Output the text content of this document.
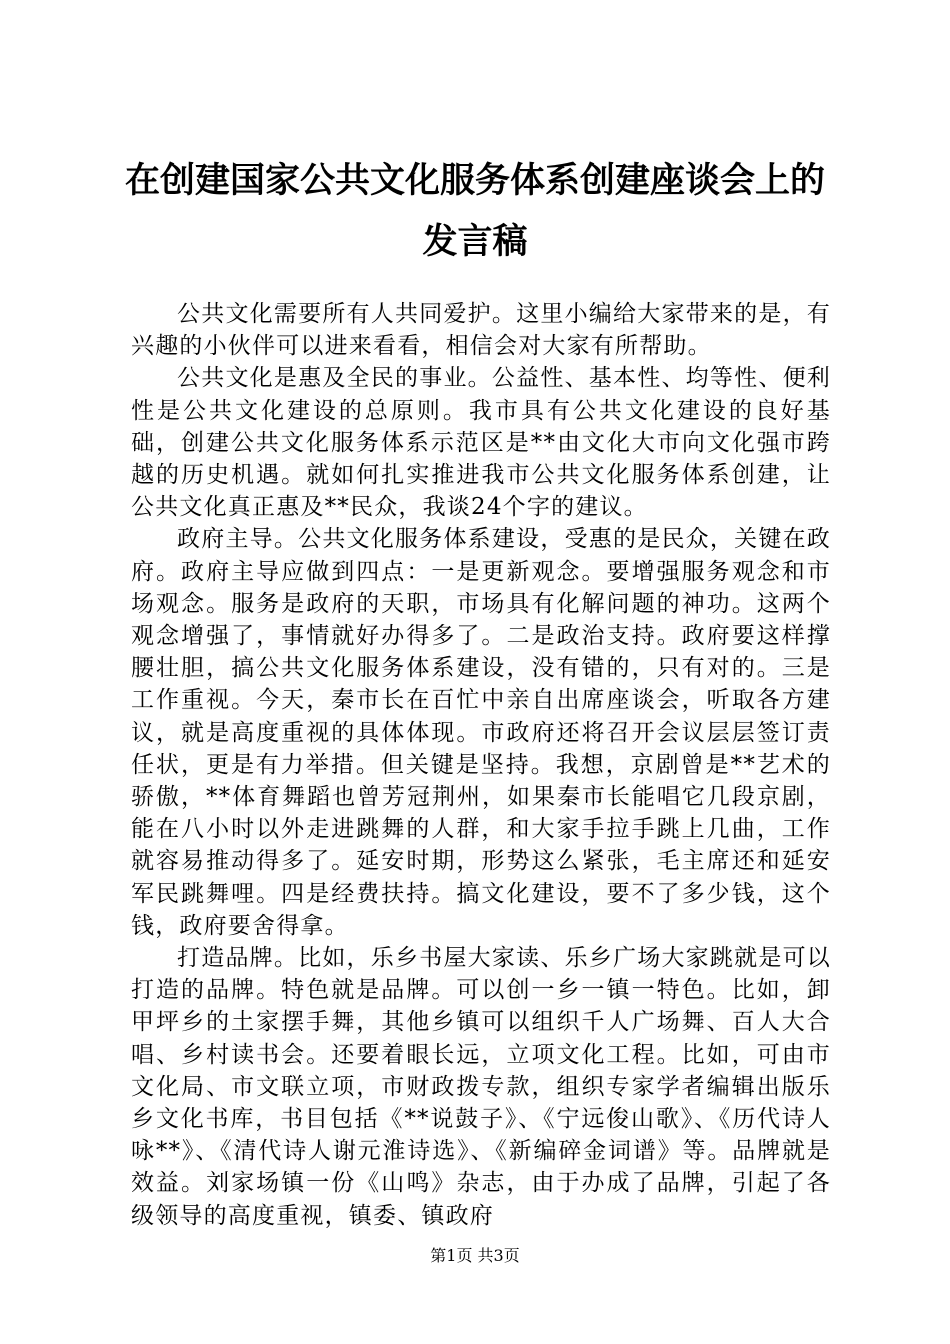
在创建国家公共文化服务体系创建座谈会上的
发言稿

公共文化需要所有人共同爱护。这里小编给大家带来的是，有兴趣的小伙伴可以进来看看，相信会对大家有所帮助。

公共文化是惠及全民的事业。公益性、基本性、均等性、便利性是公共文化建设的总原则。我市具有公共文化建设的良好基础，创建公共文化服务体系示范区是**由文化大市向文化强市跨越的历史机遇。就如何扎实推进我市公共文化服务体系创建，让公共文化真正惠及**民众，我谈24个字的建议。

政府主导。公共文化服务体系建设，受惠的是民众，关键在政府。政府主导应做到四点：一是更新观念。要增强服务观念和市场观念。服务是政府的天职，市场具有化解问题的神功。这两个观念增强了，事情就好办得多了。二是政治支持。政府要这样撑腰壮胆，搞公共文化服务体系建设，没有错的，只有对的。三是工作重视。今天，秦市长在百忙中亲自出席座谈会，听取各方建议，就是高度重视的具体体现。市政府还将召开会议层层签订责任状，更是有力举措。但关键是坚持。我想，京剧曾是**艺术的骄傲，**体育舞蹈也曾芳冠荆州，如果秦市长能唱它几段京剧，能在八小时以外走进跳舞的人群，和大家手拉手跳上几曲，工作就容易推动得多了。延安时期，形势这么紧张，毛主席还和延安军民跳舞哩。四是经费扶持。搞文化建设，要不了多少钱，这个钱，政府要舍得拿。

打造品牌。比如，乐乡书屋大家读、乐乡广场大家跳就是可以打造的品牌。特色就是品牌。可以创一乡一镇一特色。比如，卸甲坪乡的土家摆手舞，其他乡镇可以组织千人广场舞、百人大合唱、乡村读书会。还要着眼长远，立项文化工程。比如，可由市文化局、市文联立项，市财政拨专款，组织专家学者编辑出版乐乡文化书库，书目包括《**说鼓子》、《宁远俊山歌》、《历代诗人咏**》、《清代诗人谢元淮诗选》、《新编碎金词谱》等。品牌就是效益。刘家场镇一份《山鸣》杂志，由于办成了品牌，引起了各级领导的高度重视，镇委、镇政府

第1页 共3页
